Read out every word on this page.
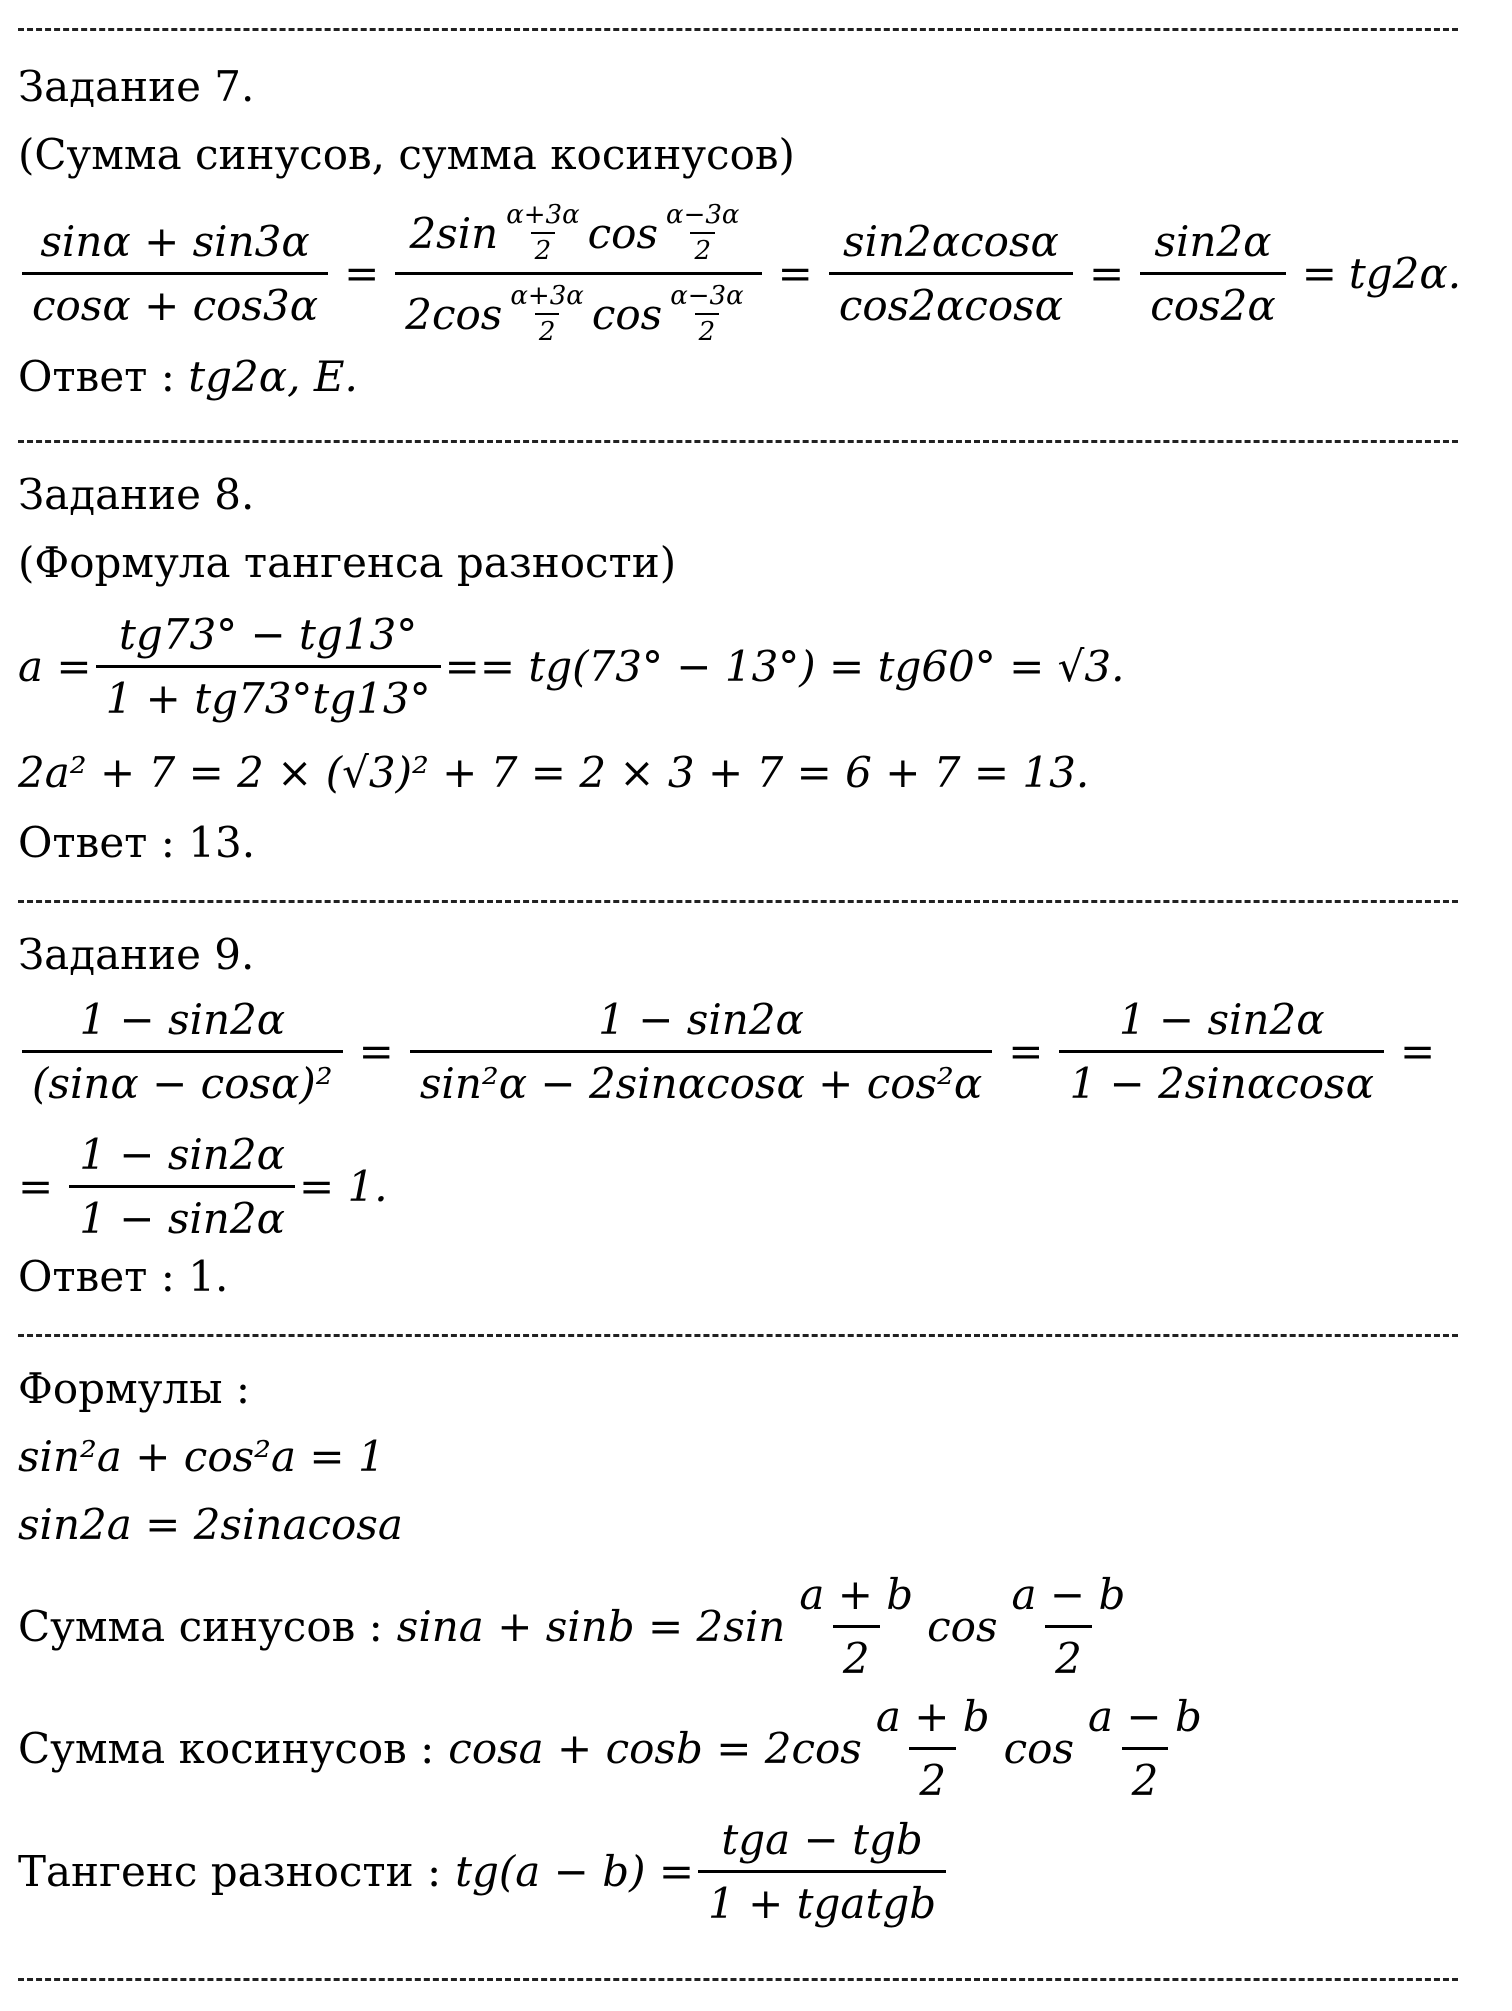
Задание 7.
(Сумма синусов, сумма косинусов)
$\frac{\sin\alpha + \sin 3\alpha}{\cos\alpha + \cos 3\alpha} = \frac{2\sin \frac{\alpha+3\alpha}{2} \cos \frac{\alpha-3\alpha}{2}}{2\cos \frac{\alpha+3\alpha}{2} \cos \frac{\alpha-3\alpha}{2}} = \frac{\sin 2\alpha\cos\alpha}{\cos 2\alpha\cos\alpha} = \frac{\sin 2\alpha}{\cos 2\alpha} = tg2\alpha$.
Ответ : tg2α, E.
Задание 8.
(Формула тангенса разности)
$a = \frac{tg73^\circ - tg13^\circ}{1 + tg73^\circ tg13^\circ} == tg(73^\circ - 13^\circ) = tg60^\circ = √3$.
2a² + 7 = 2 × (√3)² + 7 = 2 × 3 + 7 = 6 + 7 = 13.
Ответ : 13.
Задание 9.
$\frac{1 - \sin 2\alpha}{\text{(sinα − cosα)²}} = \frac{1 - \sin 2\alpha}{\text{sin²α − 2sinαcosα + cos²α}} = \frac{1 - \sin 2\alpha}{1 - 2\sin\alpha\cos\alpha}$ =
= $\frac{1 - \sin 2\alpha}{1 - \sin 2\alpha} = 1$.
Ответ : 1.
Формулы :
sin²a + cos²a = 1
sin2a = 2sinacosa
Сумма синусов : $\sin a + \sin b = 2\sin \frac{a + b}{2}$ $\cos \frac{a - b}{2}$
Сумма косинусов : $\cos a + \cos b = 2\cos \frac{a + b}{2}$ $\cos \frac{a - b}{2}$
Тангенс разности : $tg(a - b) = \frac{\text{tga − tgb}}{\text{1 + tgatgb}}$
